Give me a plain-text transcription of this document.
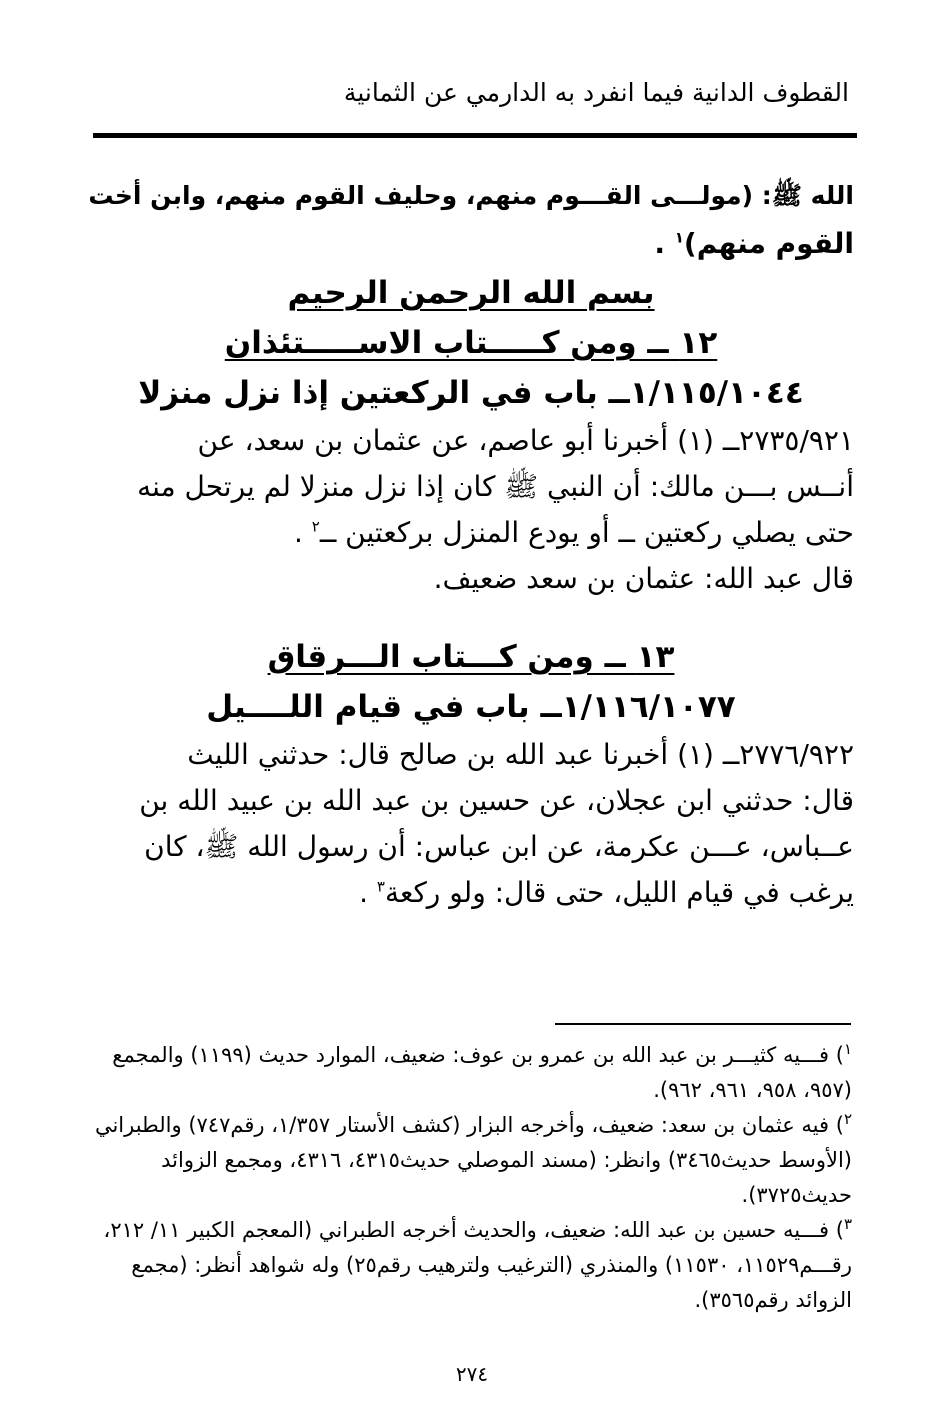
القطوف الدانية فيما انفرد به الدارمي عن الثمانية
الله ﷺ: (مولـــى القـــوم منهم، وحليف القوم منهم، وابن أخت
القوم منهم)$^١$ .
بسم الله الرحمن الرحيم
١٢ ــ ومن كـــــتاب الاســـــتئذان
١/١١٥/١٠٤٤ــ باب في الركعتين إذا نزل منزلا
٢٧٣٥/٩٢١ــ (١) أخبرنا أبو عاصم، عن عثمان بن سعد، عن
أنــس بـــن مالك: أن النبي ﷺ كان إذا نزل منزلا لم يرتحل منه
حتى يصلي ركعتين ــ أو يودع المنزل بركعتين ــ$^٢$ .
قال عبد الله: عثمان بن سعد ضعيف.
١٣ ــ ومن كـــتاب الـــرقاق
١/١١٦/١٠٧٧ــ باب في قيام اللــــيل
٢٧٧٦/٩٢٢ــ (١) أخبرنا عبد الله بن صالح قال: حدثني الليث
قال: حدثني ابن عجلان، عن حسين بن عبد الله بن عبيد الله بن
عــباس، عـــن عكرمة، عن ابن عباس: أن رسول الله ﷺ، كان
يرغب في قيام الليل، حتى قال: ولو ركعة$^٣$ .

$^١$) فـــيه كثيـــر بن عبد الله بن عمرو بن عوف: ضعيف، الموارد حديث (١١٩٩) والمجمع (٩٥٧، ٩٥٨، ٩٦١، ٩٦٢).

$^٢$) فيه عثمان بن سعد: ضعيف، وأخرجه البزار (كشف الأستار ١/٣٥٧، رقم٧٤٧) والطبراني (الأوسط حديث٣٤٦٥) وانظر: (مسند الموصلي حديث٤٣١٥، ٤٣١٦، ومجمع الزوائد حديث٣٧٢٥).

$^٣$) فـــيه حسين بن عبد الله: ضعيف، والحديث أخرجه الطبراني (المعجم الكبير ١١/ ٢١٢، رقـــم١١٥٢٩، ١١٥٣٠) والمنذري (الترغيب ولترهيب رقم٢٥) وله شواهد أنظر: (مجمع الزوائد رقم٣٥٦٥).

٢٧٤
